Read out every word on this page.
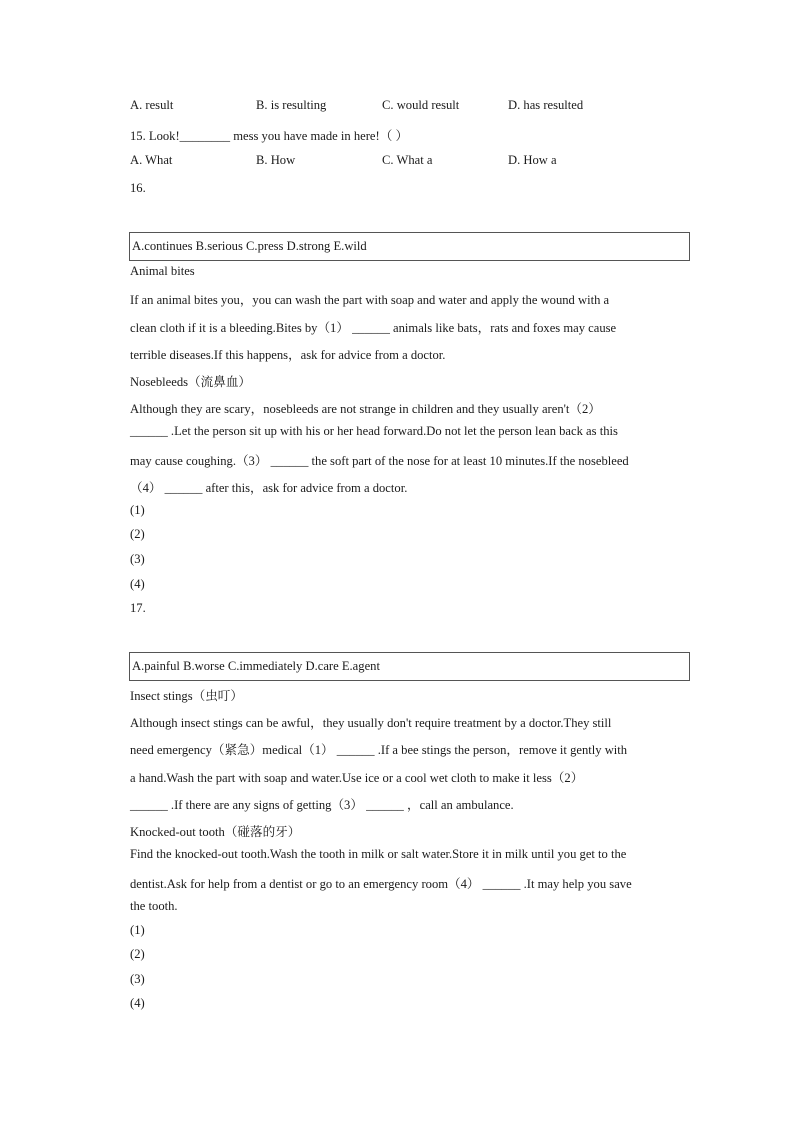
A. result	B. is resulting	C. would result	D. has resulted
15. Look!________ mess you have made in here!（ ）
A. What	B. How	C. What a	D. How a
16.
A.continues B.serious C.press D.strong E.wild
Animal bites
If an animal bites you，you can wash the part with soap and water and apply the wound with a
clean cloth if it is a bleeding.Bites by（1） ______ animals like bats，rats and foxes may cause
terrible diseases.If this happens，ask for advice from a doctor.
Nosebleeds（流鼻血）
Although they are scary，nosebleeds are not strange in children and they usually aren't（2）
______ .Let the person sit up with his or her head forward.Do not let the person lean back as this
may cause coughing.（3） ______ the soft part of the nose for at least 10 minutes.If the nosebleed
（4） ______ after this，ask for advice from a doctor.
(1)
(2)
(3)
(4)
17.
A.painful B.worse C.immediately D.care E.agent
Insect stings（虫叮）
Although insect stings can be awful，they usually don't require treatment by a doctor.They still
need emergency（紧急）medical（1） ______ .If a bee stings the person，remove it gently with
a hand.Wash the part with soap and water.Use ice or a cool wet cloth to make it less（2）
______ .If there are any signs of getting（3） ______ ，call an ambulance.
Knocked-out tooth（碰落的牙）
Find the knocked-out tooth.Wash the tooth in milk or salt water.Store it in milk until you get to the
dentist.Ask for help from a dentist or go to an emergency room（4） ______ .It may help you save
the tooth.
(1)
(2)
(3)
(4)
